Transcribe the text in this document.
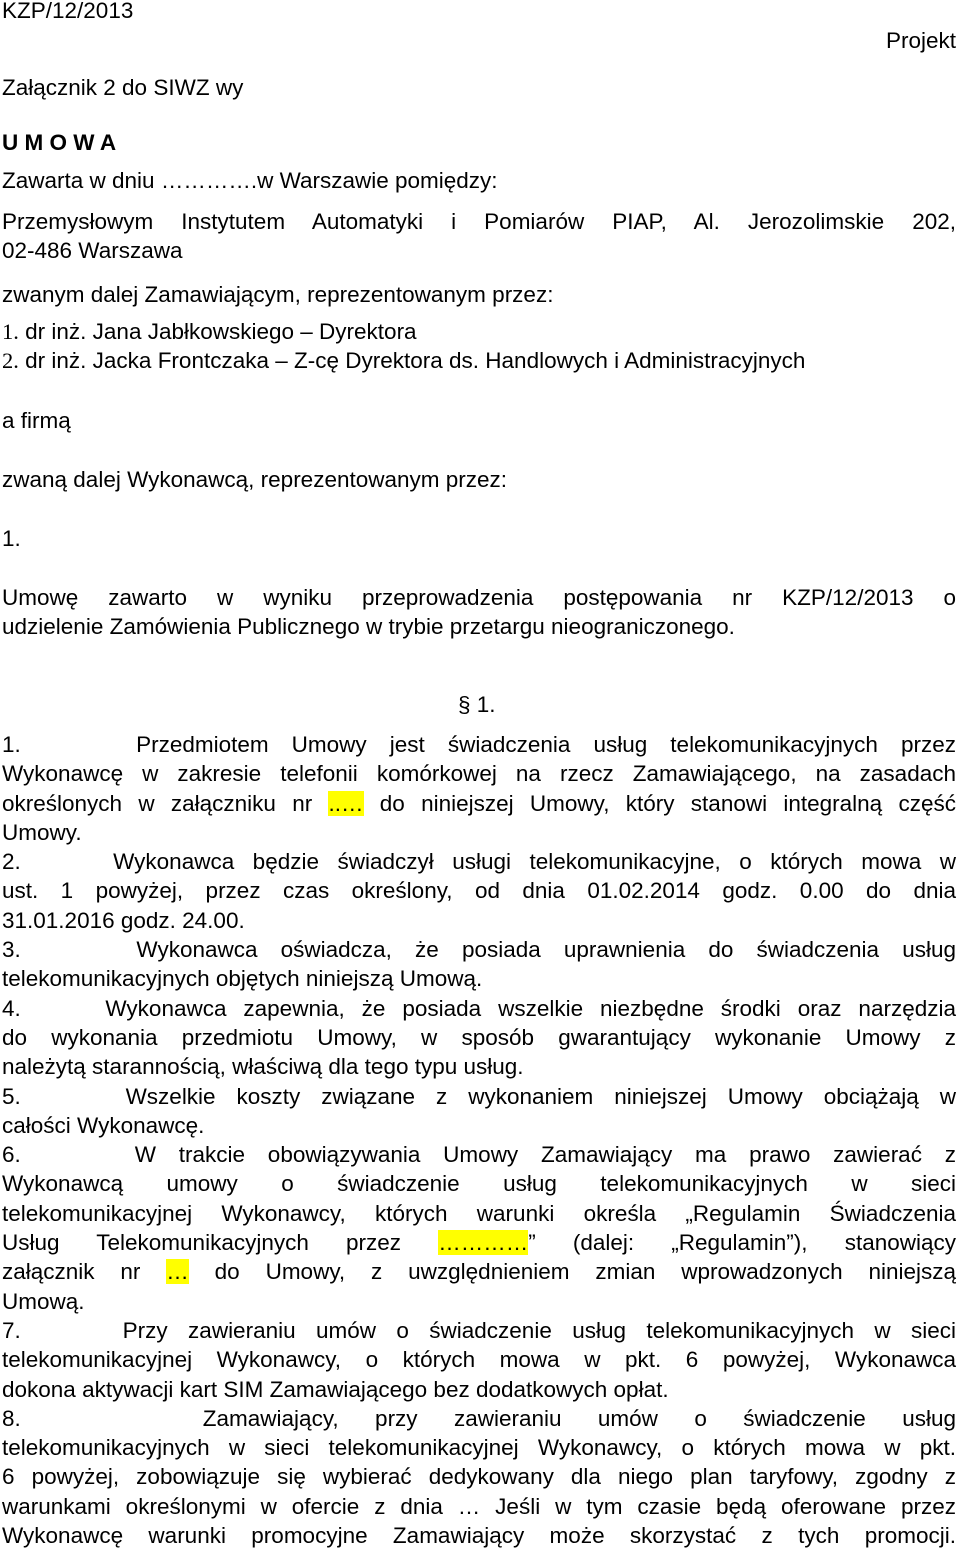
KZP/12/2013
Projekt
Załącznik 2 do SIWZ wy
U M O W A
Zawarta w dniu ………….w Warszawie pomiędzy:
Przemysłowym Instytutem Automatyki i Pomiarów PIAP, Al. Jerozolimskie 202,
02-486 Warszawa
zwanym dalej Zamawiającym, reprezentowanym przez:
1. dr inż. Jana Jabłkowskiego – Dyrektora
2. dr inż. Jacka Frontczaka – Z-cę Dyrektora ds. Handlowych i Administracyjnych
a firmą
zwaną dalej Wykonawcą, reprezentowanym przez:
1.
Umowę zawarto w wyniku przeprowadzenia postępowania nr KZP/12/2013 o
udzielenie Zamówienia Publicznego w trybie przetargu nieograniczonego.
§ 1.
1.	Przedmiotem Umowy jest świadczenia usług telekomunikacyjnych przez
Wykonawcę w zakresie telefonii komórkowej na rzecz Zamawiającego, na zasadach
określonych w załączniku nr ..… do niniejszej Umowy, który stanowi integralną część
Umowy.
2.	Wykonawca będzie świadczył usługi telekomunikacyjne, o których mowa w
ust. 1 powyżej, przez czas określony, od dnia 01.02.2014 godz. 0.00 do dnia
31.01.2016 godz. 24.00.
3.	Wykonawca oświadcza, że posiada uprawnienia do świadczenia usług
telekomunikacyjnych objętych niniejszą Umową.
4.	Wykonawca zapewnia, że posiada wszelkie niezbędne środki oraz narzędzia
do wykonania przedmiotu Umowy, w sposób gwarantujący wykonanie Umowy z
należytą starannością, właściwą dla tego typu usług.
5.	Wszelkie koszty związane z wykonaniem niniejszej Umowy obciążają w
całości Wykonawcę.
6.	W trakcie obowiązywania Umowy Zamawiający ma prawo zawierać z
Wykonawcą umowy o świadczenie usług telekomunikacyjnych w sieci
telekomunikacyjnej Wykonawcy, których warunki określa „Regulamin Świadczenia
Usług Telekomunikacyjnych przez …………” (dalej: „Regulamin”), stanowiący
załącznik nr … do Umowy, z uwzględnieniem zmian wprowadzonych niniejszą
Umową.
7.	Przy zawieraniu umów o świadczenie usług telekomunikacyjnych w sieci
telekomunikacyjnej Wykonawcy, o których mowa w pkt. 6 powyżej, Wykonawca
dokona aktywacji kart SIM Zamawiającego bez dodatkowych opłat.
8.	Zamawiający, przy zawieraniu umów o świadczenie usług
telekomunikacyjnych w sieci telekomunikacyjnej Wykonawcy, o których mowa w pkt.
6 powyżej, zobowiązuje się wybierać dedykowany dla niego plan taryfowy, zgodny z
warunkami określonymi w ofercie z dnia … Jeśli w tym czasie będą oferowane przez
Wykonawcę warunki promocyjne Zamawiający może skorzystać z tych promocji.
